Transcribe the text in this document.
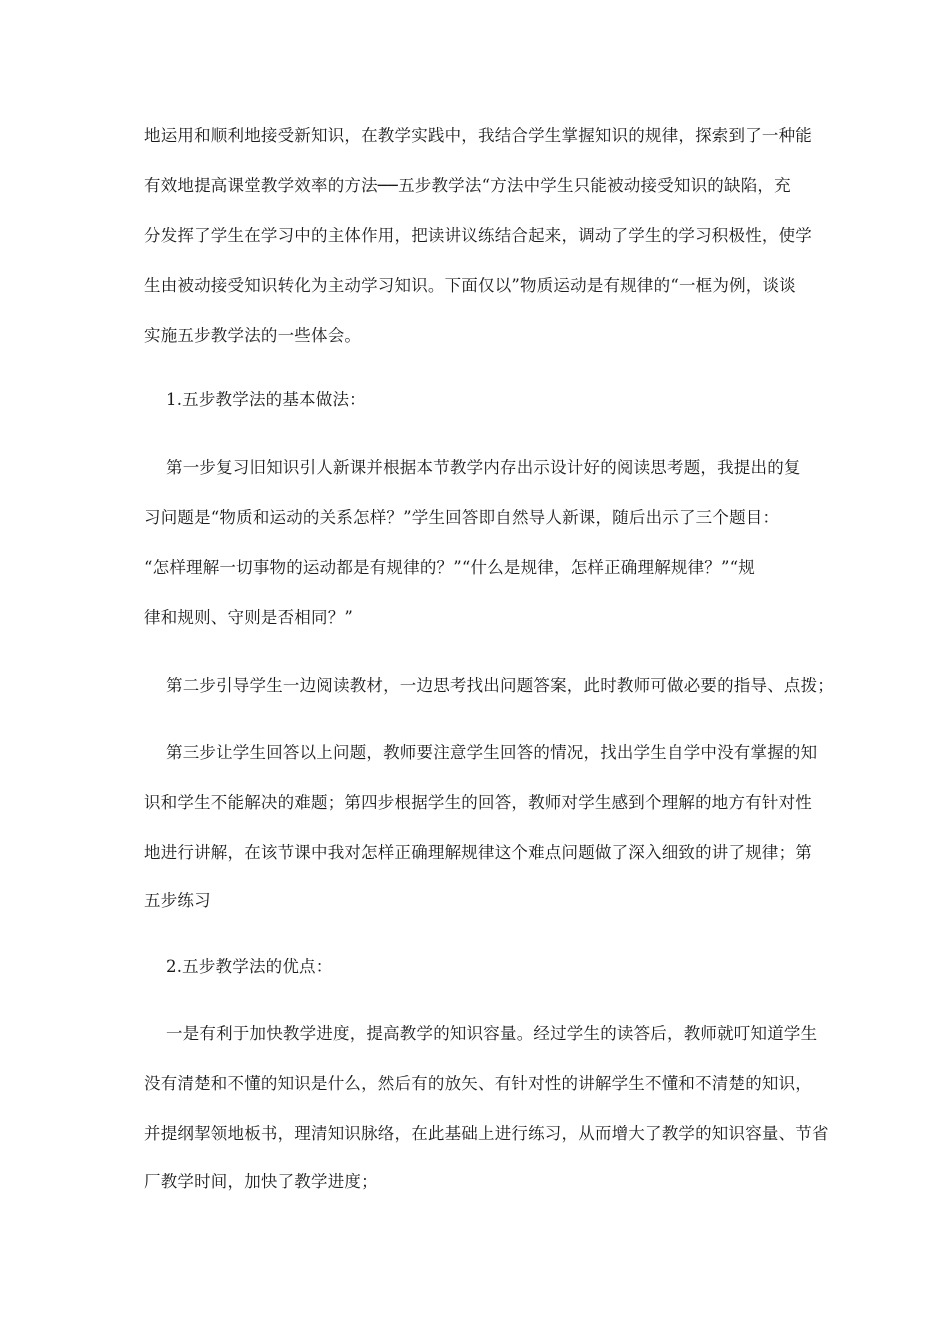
地运用和顺利地接受新知识，在教学实践中，我结合学生掌握知识的规律，探索到了一种能
有效地提高课堂教学效率的方法──五步教学法“方法中学生只能被动接受知识的缺陷，充
分发挥了学生在学习中的主体作用，把读讲议练结合起来，调动了学生的学习积极性，使学
生由被动接受知识转化为主动学习知识。下面仅以”物质运动是有规律的“一框为例，谈谈
实施五步教学法的一些体会。
1.五步教学法的基本做法：
第一步复习旧知识引人新课并根据本节教学内存出示设计好的阅读思考题，我提出的复
习问题是“物质和运动的关系怎样？”学生回答即自然导人新课，随后出示了三个题目：
“怎样理解一切事物的运动都是有规律的？”“什么是规律，怎样正确理解规律？”“规
律和规则、守则是否相同？”
第二步引导学生一边阅读教材，一边思考找出问题答案，此时教师可做必要的指导、点拨；
第三步让学生回答以上问题，教师要注意学生回答的情况，找出学生自学中没有掌握的知
识和学生不能解决的难题；第四步根据学生的回答，教师对学生感到个理解的地方有针对性
地进行讲解，在该节课中我对怎样正确理解规律这个难点问题做了深入细致的讲了规律；第
五步练习
2.五步教学法的优点：
一是有利于加快教学进度，提高教学的知识容量。经过学生的读答后，教师就叮知道学生
没有清楚和不懂的知识是什么，然后有的放矢、有针对性的讲解学生不懂和不清楚的知识，
并提纲挈领地板书，理清知识脉络，在此基础上进行练习，从而增大了教学的知识容量、节省
厂教学时间，加快了教学进度；
